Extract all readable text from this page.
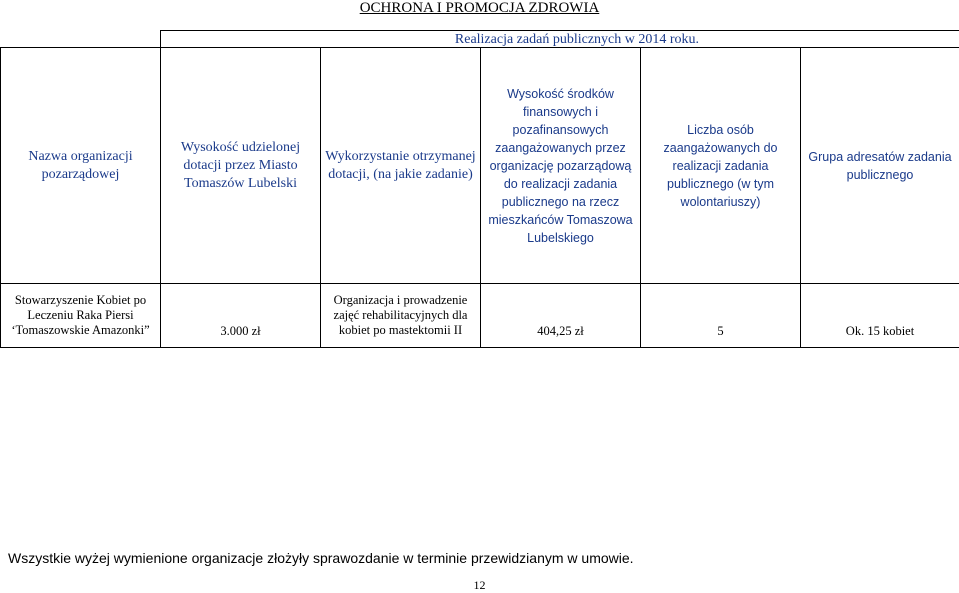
OCHRONA I PROMOCJA ZDROWIA
	Realizacja zadań publicznych w 2014 roku.				
Nazwa organizacji pozarządowej	Wysokość udzielonej dotacji przez Miasto Tomaszów Lubelski	Wykorzystanie otrzymanej dotacji, (na jakie zadanie)	Wysokość środków finansowych i pozafinansowych zaangażowanych przez organizację pozarządową do realizacji zadania publicznego na rzecz mieszkańców Tomaszowa Lubelskiego	Liczba osób zaangażowanych do realizacji zadania publicznego (w tym wolontariuszy)	Grupa adresatów zadania publicznego
Stowarzyszenie Kobiet po Leczeniu Raka Piersi ‘Tomaszowskie Amazonki”	3.000 zł	Organizacja i prowadzenie zajęć rehabilitacyjnych dla kobiet po mastektomii II	404,25 zł	5	Ok. 15 kobiet
Wszystkie wyżej wymienione organizacje złożyły sprawozdanie w terminie przewidzianym w umowie.
12
